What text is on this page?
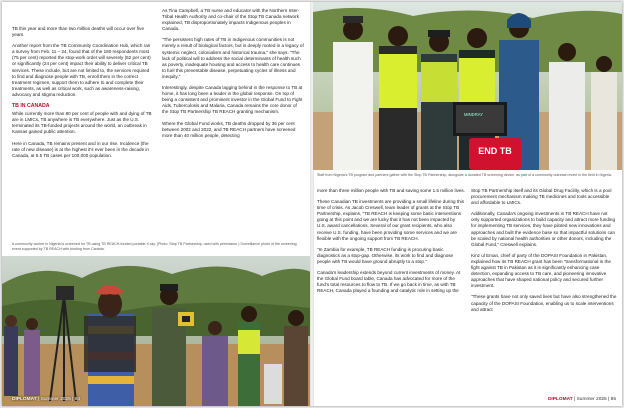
TB this year and more than two million deaths will occur over five years.

Another report from the TB Community Coordination Hub, which ran a survey from Feb. 11 – 24, found that of the 180 respondents most (75 per cent) reported the stop-work order will severely (52 per cent) or significantly (24 per cent) impact their ability to deliver critical TB services. These include, but are not limited to, the services required to find and diagnose people with TB, enroll them in the correct treatment regimen, support them to adhere to and complete their treatments, as well as critical work, such as awareness-raising, advocacy and stigma reduction.

TB IN CANADA

While currently more than 80 per cent of people with and dying of TB are in LMICs, TB anywhere is TB everywhere. Just as the U.S. terminated its TB-funded projects around the world, an outbreak in Kansas gained public attention.

Here in Canada, TB remains present and in our rise. Incidence (the rate of new disease) is at the highest it's ever been in the decade in Canada, at 5.5 TB cases per 100,000 population.

As Tina Campbell, a TB nurse and educator with the Northern Inter-Tribal Health Authority and co-chair of the Stop TB Canada network explained, TB disproportionately impacts Indigenous peoples in Canada.

"The persistent high rates of TB in Indigenous communities is not merely a result of biological factors, but is deeply rooted in a legacy of systemic neglect, colonialism and historical trauma," she says. "The lack of political will to address the social determinants of health such as poverty, inadequate housing and access to health care continues to fuel this preventable disease, perpetuating cycles of illness and inequity."

Interestingly, despite Canada lagging behind in the response to TB at home, it has long been a leader in the global response. On top of being a consistent and prominent investor in the Global Fund to Fight Aids, Tuberculosis and Malaria, Canada remains the core donor of the Stop TB Partnership TB REACH granting mechanism.

Where the Global Fund works, TB deaths dropped by 36 per cent between 2002 and 2022, and TB REACH partners have screened more than 40 million people, detecting

A community worker in Nigeria is screened for TB using TB REACH-funded portable X-ray. (Photo: Stop TB Partnership, used with permission.) Surveillance photo of the screening event supported by TB REACH with funding from Canada.
DIPLOMAT | Summer 2025 | 84
MINDRAY
END TB
Staff from Nigeria's TB program and partners gather with the Stop TB Partnership, alongside a donated TB screening device, as part of a community outreach event in the field in Nigeria.

more than three million people with TB and saving some 1.5 million lives.

These Canadian TB investments are providing a small lifeline during this time of crisis. As Jacob Creswell, team leader of grants at the Stop TB Partnership, explains, "TB REACH is keeping some basic interventions going at this point and we are lucky that it has not been impacted by U.S. award cancellations. Several of our grant recipients, who also receive U.S. funding, have been providing some services and we are flexible with the ongoing support from TB REACH.

"In Zambia for example, TB REACH funding is procuring basic diagnostics as a stop-gap. Otherwise, its work to find and diagnose people with TB would have ground abruptly to a stop."

Canada's leadership extends beyond current investments of money. At the Global Fund board table, Canada has advocated for more of the fund's total resources to flow to TB. If we go back in time, as with TB REACH, Canada played a founding and catalytic role in setting up the

Stop TB Partnership itself and its Global Drug Facility, which is a pool procurement mechanism making TB medicines and tools accessible and affordable to LMICs.

Additionally, Canada's ongoing investments in TB REACH have not only supported organizations to build capacity and attract more funding for implementing TB services, they have piloted new innovations and approaches and built the evidence base so that impactful solutions can be scaled by national health authorities or other donors, including the Global Fund," Creswell explains.

Kinz ul Eman, chief of party of the DOPASI Foundation in Pakistan, explained how its TB REACH grant has been "transformational in the fight against TB in Pakistan as it is significantly enhancing case detection, expanding access to TB care, and pioneering innovative approaches that have shaped national policy and secured further investment.

"These grants have not only saved lives but have also strengthened the capacity of the DOPASI Foundation, enabling us to scale interventions and attract

DIPLOMAT | Summer 2025 | 85
